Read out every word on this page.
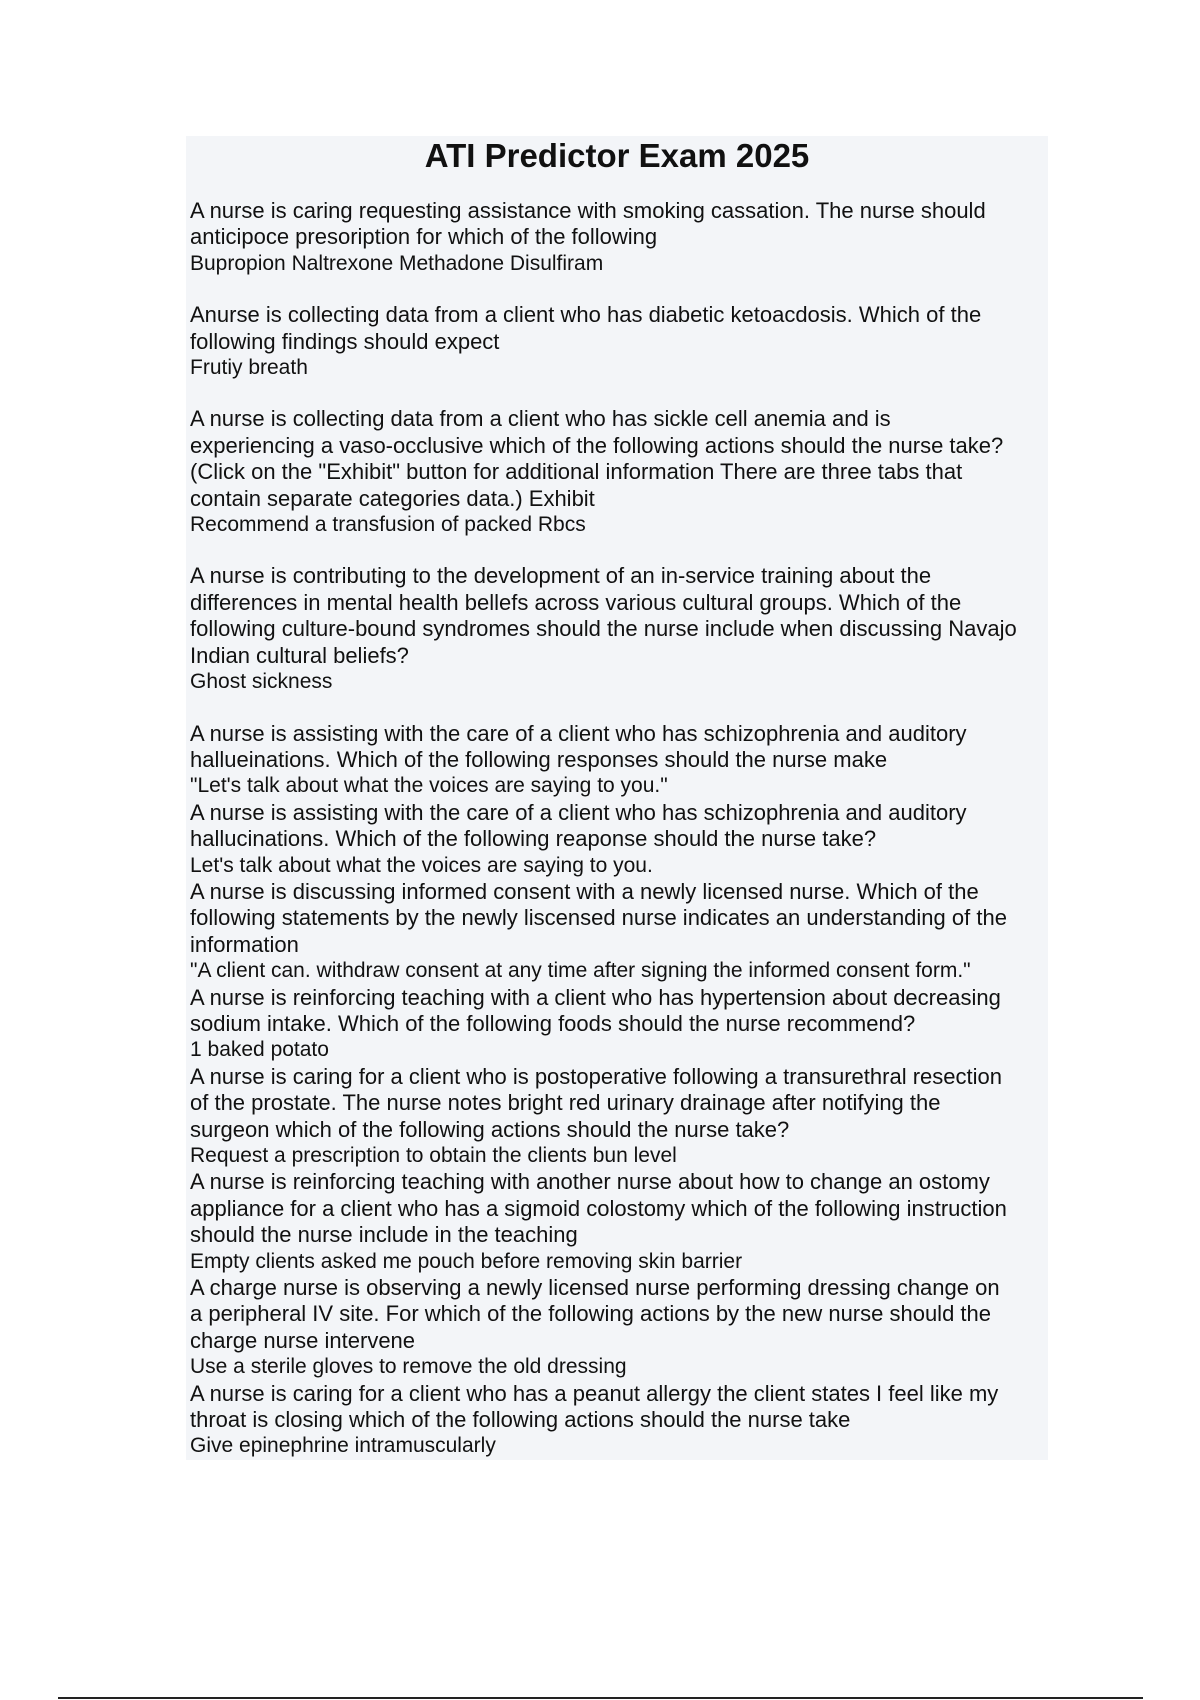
ATI Predictor Exam 2025
A nurse is caring requesting assistance with smoking cassation. The nurse should
anticipoce presoription for which of the following
Bupropion Naltrexone Methadone Disulfiram
Anurse is collecting data from a client who has diabetic ketoacdosis. Which of the
following findings should expect
Frutiy breath
A nurse is collecting data from a client who has sickle cell anemia and is
experiencing a vaso-occlusive which of the following actions should the nurse take?
(Click on the "Exhibit" button for additional information There are three tabs that
contain separate categories data.) Exhibit
Recommend a transfusion of packed Rbcs
A nurse is contributing to the development of an in-service training about the
differences in mental health bellefs across various cultural groups. Which of the
following culture-bound syndromes should the nurse include when discussing Navajo
Indian cultural beliefs?
Ghost sickness
A nurse is assisting with the care of a client who has schizophrenia and auditory
hallueinations. Which of the following responses should the nurse make
"Let's talk about what the voices are saying to you."
A nurse is assisting with the care of a client who has schizophrenia and auditory
hallucinations. Which of the following reaponse should the nurse take?
Let's talk about what the voices are saying to you.
A nurse is discussing informed consent with a newly licensed nurse. Which of the
following statements by the newly liscensed nurse indicates an understanding of the
information
"A client can. withdraw consent at any time after signing the informed consent form."
A nurse is reinforcing teaching with a client who has hypertension about decreasing
sodium intake. Which of the following foods should the nurse recommend?
1 baked potato
A nurse is caring for a client who is postoperative following a transurethral resection
of the prostate. The nurse notes bright red urinary drainage after notifying the
surgeon which of the following actions should the nurse take?
Request a prescription to obtain the clients bun level
A nurse is reinforcing teaching with another nurse about how to change an ostomy
appliance for a client who has a sigmoid colostomy which of the following instruction
should the nurse include in the teaching
Empty clients asked me pouch before removing skin barrier
A charge nurse is observing a newly licensed nurse performing dressing change on
a peripheral IV site. For which of the following actions by the new nurse should the
charge nurse intervene
Use a sterile gloves to remove the old dressing
A nurse is caring for a client who has a peanut allergy the client states I feel like my
throat is closing which of the following actions should the nurse take
Give epinephrine intramuscularly
